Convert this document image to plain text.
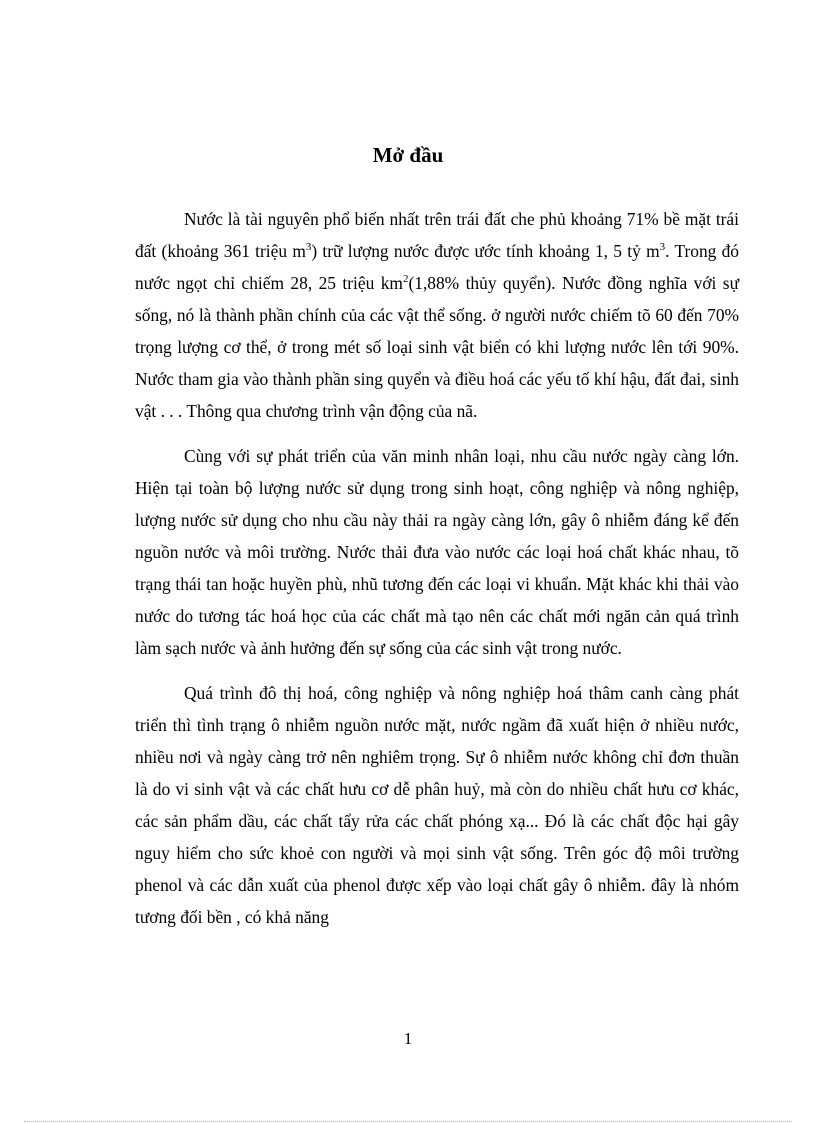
Mở đầu

Nước là tài nguyên phổ biến nhất trên trái đất che phủ khoảng 71% bề mặt trái đất (khoảng 361 triệu $m^3$) trữ lượng nước được ước tính khoảng 1, 5 tỷ $m^3$. Trong đó nước ngọt chỉ chiếm 28, 25 triệu $km^2(1,88\%$ thủy quyển). Nước đồng nghĩa với sự sống, nó là thành phần chính của các vật thể sống. ở người nước chiếm tõ 60 đến 70% trọng lượng cơ thể, ở trong mét số loại sinh vật biển có khi lượng nước lên tới 90%. Nước tham gia vào thành phần sing quyển và điều hoá các yếu tố khí hậu, đất đai, sinh vật . . . Thông qua chương trình vận động của nã.

Cùng với sự phát triển của văn minh nhân loại, nhu cầu nước ngày càng lớn. Hiện tại toàn bộ lượng nước sử dụng trong sinh hoạt, công nghiệp và nông nghiệp, lượng nước sử dụng cho nhu cầu này thải ra ngày càng lớn, gây ô nhiễm đáng kể đến nguồn nước và môi trường. Nước thải đưa vào nước các loại hoá chất khác nhau, tõ trạng thái tan hoặc huyền phù, nhũ tương đến các loại vi khuẩn. Mặt khác khi thải vào nước do tương tác hoá học của các chất mà tạo nên các chất mới ngăn cản quá trình làm sạch nước và ảnh hưởng đến sự sống của các sinh vật trong nước.

Quá trình đô thị hoá, công nghiệp và nông nghiệp hoá thâm canh càng phát triển thì tình trạng ô nhiễm nguồn nước mặt, nước ngầm đã xuất hiện ở nhiều nước, nhiều nơi và ngày càng trở nên nghiêm trọng. Sự ô nhiễm nước không chỉ đơn thuần là do vi sinh vật và các chất hưu cơ dễ phân huỷ, mà còn do nhiều chất hưu cơ khác, các sản phẩm dầu, các chất tẩy rửa các chất phóng xạ... Đó là các chất độc hại gây nguy hiểm cho sức khoẻ con người và mọi sinh vật sống. Trên góc độ môi trường phenol và các dẫn xuất của phenol được xếp vào loại chất gây ô nhiễm. đây là nhóm tương đối bền , có khả năng

1
